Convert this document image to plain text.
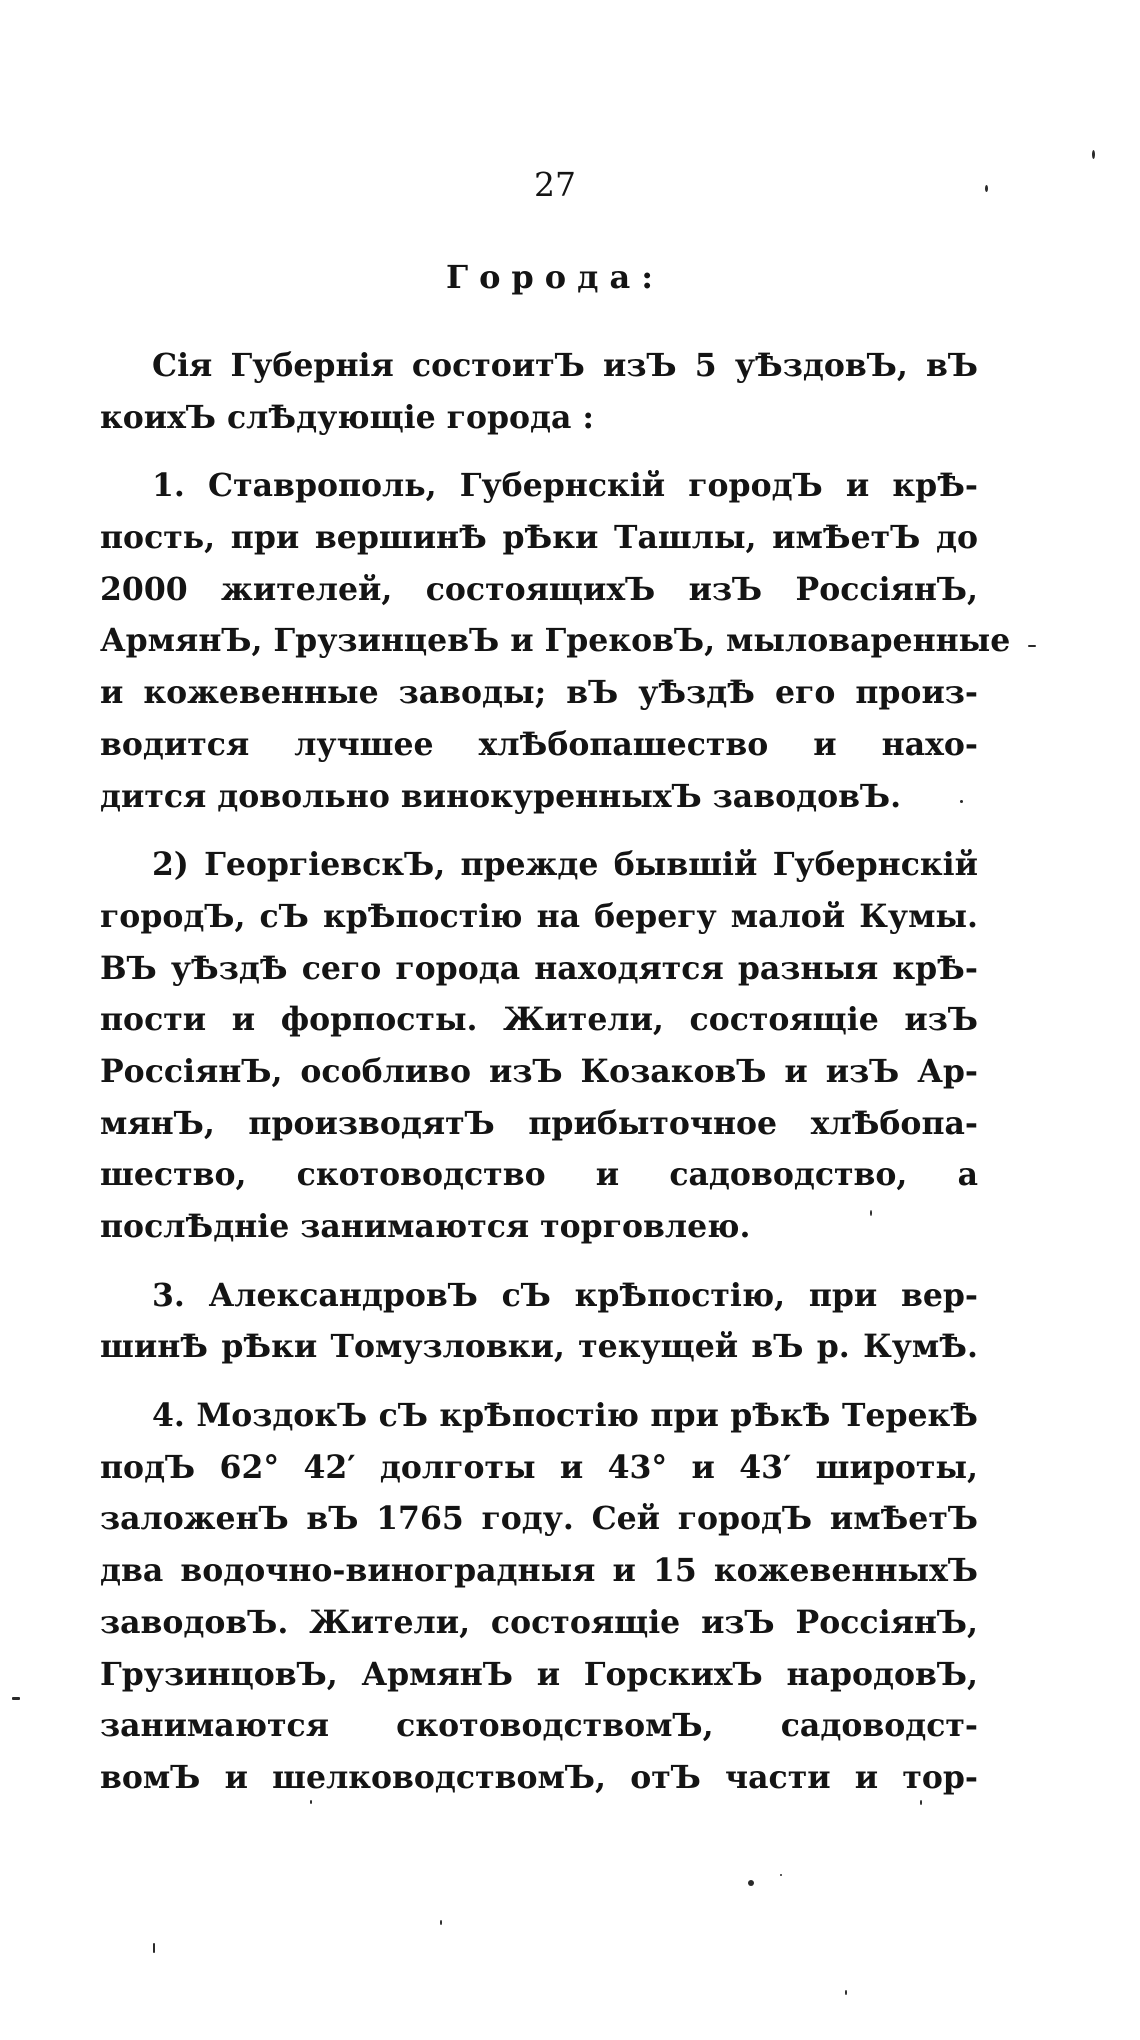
27
Города:
Сія Губернія состоитЪ изЪ 5 уѢздовЪ, вЪ
коихЪ слѢдующіе города :
1. Ставрополь, Губернскій городЪ и крѢ-
пость, при вершинѢ рѢки Ташлы, имѢетЪ до
2000 жителей, состоящихЪ изЪ РоссіянЪ,
АрмянЪ, ГрузинцевЪ и ГрековЪ, мыловаренные
и кожевенные заводы; вЪ уѢздѢ его произ-
водится лучшее хлѢбопашество и нахо-
дится довольно винокуренныхЪ заводовЪ.
2) ГеоргіевскЪ, прежде бывшій Губернскій
городЪ, сЪ крѢпостію на берегу малой Кумы.
ВЪ уѢздѢ сего города находятся разныя крѢ-
пости и форпосты. Жители, состоящіе изЪ
РоссіянЪ, особливо изЪ КозаковЪ и изЪ Ар-
мянЪ, производятЪ прибыточное хлѢбопа-
шество, скотоводство и садоводство, а
послѢдніе занимаются торговлею.
3. АлександровЪ сЪ крѢпостію, при вер-
шинѢ рѢки Томузловки, текущей вЪ р. КумѢ.
4. МоздокЪ сЪ крѢпостію при рѢкѢ ТерекѢ
подЪ 62° 42′ долготы и 43° и 43′ широты,
заложенЪ вЪ 1765 году. Сей городЪ имѢетЪ
два водочно-виноградныя и 15 кожевенныхЪ
заводовЪ. Жители, состоящіе изЪ РоссіянЪ,
ГрузинцовЪ, АрмянЪ и ГорскихЪ народовЪ,
занимаются скотоводствомЪ, садоводст-
вомЪ и шелководствомЪ, отЪ части и тор-
